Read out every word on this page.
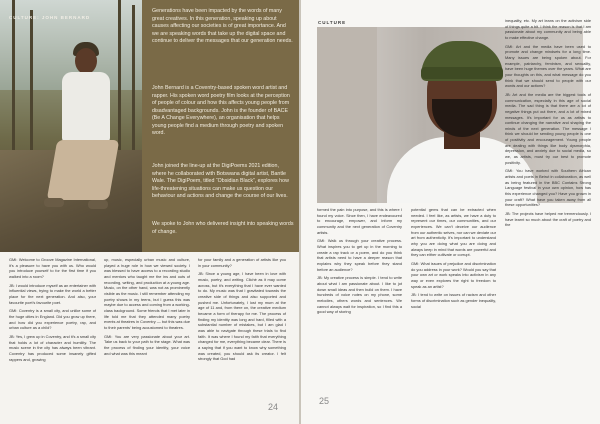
CULTURE: JOHN BERNARD

Generations have been impacted by the words of many great creatives. In this generation, speaking up about causes affecting our societies is of great importance. And we are speaking words that take up the digital space and continue to deliver the messages that our generation needs.

John Bernard is a Coventry-based spoken word artist and rapper. His spoken word poetry film looks at the perception of people of colour and how this affects young people from disadvantaged backgrounds. John is the founder of BACE (Be A Change Everywhere), an organisation that helps young people find a medium through poetry and spoken word.

John joined the line-up at the DigiPoems 2021 edition, where he collaborated with Botswana digital artist, Bantle Wale. The DigiPoem, titled “Obsidian Black”, explores how life-threatening situations can make us question our behaviour and actions and change the course of our lives.

We spoke to John who delivered insight into speaking words of change.

GMI: Welcome to Groove Magazine International, it’s a pleasure to have you with us. Who would you introduce yourself to for the first time if you walked into a room?

JB: I would introduce myself as an entertainer with influential views, trying to make the world a better place for the next generation. And also, your favourite poet’s favourite poet.

GMI: Coventry is a small city, and unlike some of the huge cities in England. Did you grow up there, and how did you experience poetry, rap, and urban culture as a child?

JB: Yes, I grew up in Coventry, and it’s a small city that holds a lot of character and humility. The music scene in the city has always been vibrant. Coventry has produced some insanely gifted rappers and, growing

up, music, especially urban music and culture, played a huge role in how we viewed society. I was blessed to have access to a recording studio and mentors who taught me the ins and outs of recording, writing, and production at a young age. Music, on the other hand, was not as prominently visible as the music. I still remember attending my poetry shows in my teens, but I guess this was maybe due to access and coming from a working-class background. Some friends that I met later in life told me that they attended many poetry events at theatres in Coventry — but this was due to their parents’ being accustomed to theatres.

GMI: You are very passionate about your art. Take us back to your path to the stage. What was the process of finding your identity, your voice and what was this meant

for your family and a generation of artists like you in your community?

JB: Since a young age, I have been in love with music, poetry, and writing. Clichè as it may come across, but it’s everything that I have ever wanted to do. My music was that I gravitated towards the creative side of things and also supported and pushed me. Unfortunately, I lost my mum at the age of 11 and, from there on, the creative medium became a form of therapy for me. The process of finding my identity was long and hard, filled with a substantial number of mistakes, but I am glad I was able to navigate through these trials to find faith. It was where I found my faith that everything changed for me, everything became clear. There is a saying that if you want to know why something was created, you should ask its creator. I felt strongly that God had

24
CULTURE

formed the pain into purpose, and this is where I found my voice. Since then, I have endeavoured to encourage, empower, and inform my community and the next generation of Coventry artists.

GMI: Walk us through your creative process. What inspires you to get up in the morning to create a rap track or a poem, and do you think that artists need to have a deeper reason that explains why they speak before they stand before an audience?

JB: My creative process is simple. I tend to write about what I am passionate about. I like to jot down small ideas and then build on them. I have hundreds of voice notes on my phone, some melodies, others words and sentences. We cannot always wait for inspiration, so I find this a good way of storing

potential gems that can be extracted when needed. I feel like, as artists, we have a duty to represent our times, our communities, and our experiences. We can’t deceive our audience from our authentic selves, nor can we deviate our art from authenticity. It’s important to understand why you are doing what you are doing and always keep in mind that words are powerful and they can either cultivate or corrupt.

GMI: What issues of prejudice and discrimination do you address in your work? Would you say that your own art or work speaks into activism in any way or even explores the right to freedom to speak as an artist?

JB: I tend to write on issues of racism and other forms of discrimination such as gender inequality, social

inequality, etc. My art leans on the activism side of things quite a bit. I think the reason is that I am passionate about my community and being able to make effective change.

GMI: Art and the media have been used to promote and change mindsets for a long time. Many issues are being spoken about. For example, patriarchy, feminism, and sexuality, have been huge themes over the years. What are your thoughts on this, and what message do you think that we should send to people with our words and our actions?

JB: Art and the media are the biggest tools of communication, especially in this age of social media. The sad thing is that there are a lot of negative things put out there, and a lot of mixed messages. It’s important for us as artists to continue changing the narrative and shaping the minds of the next generation. The message I think we should be sending young people is one of positivity and encouragement. Young people are dealing with things like body dysmorphia, depression, and anxiety due to social media, so we, as artists, must try our best to promote positivity.

GMI: You have worked with Southern African artists and poets in Beirut in collaboration, as well as being featured in the BBC Contains Strong Language festival in your own opinion, how has this experience changed you? Have you grown in your craft? What have you taken away from all these opportunities?

JB: The projects have helped me tremendously. I have learnt so much about the craft of poetry and the

25
